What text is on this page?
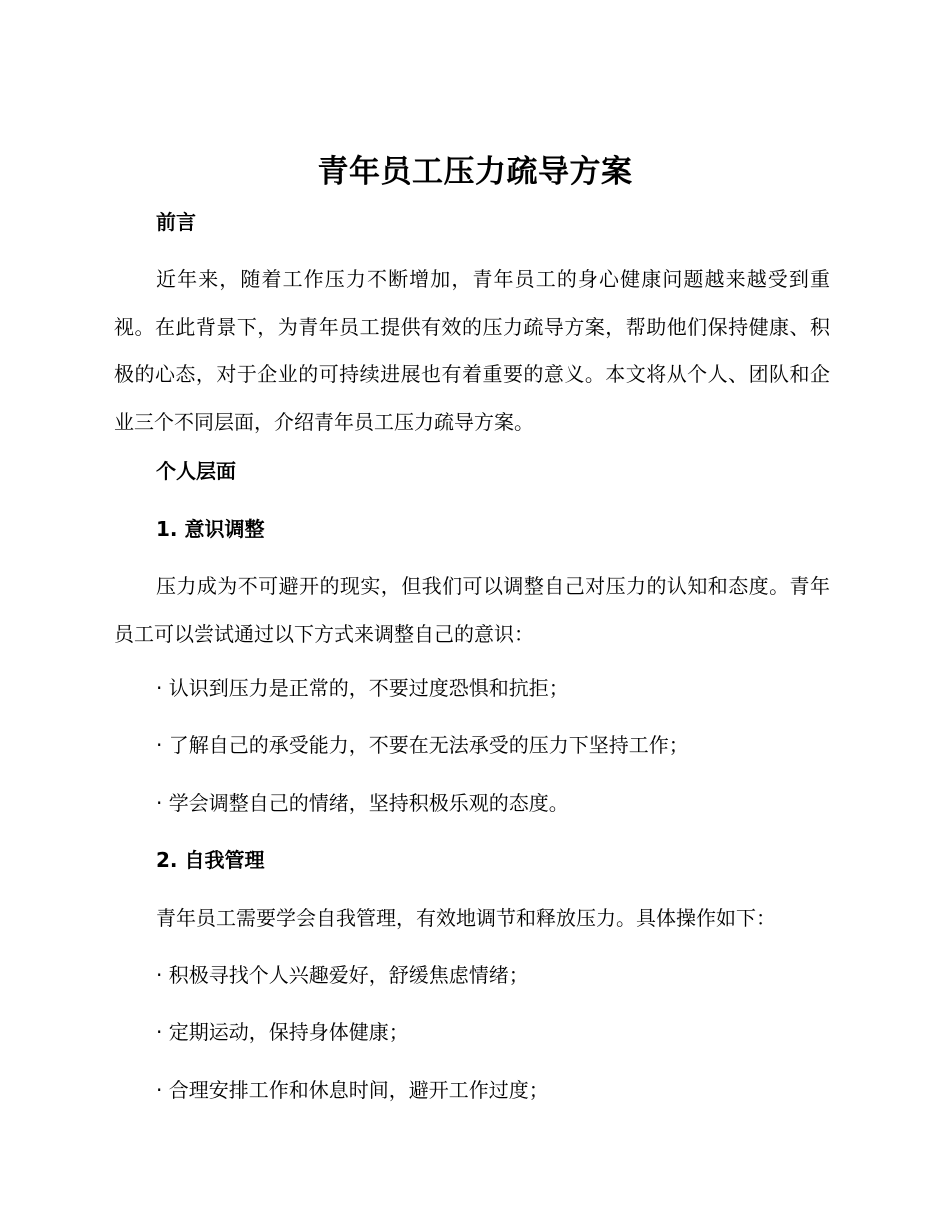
青年员工压力疏导方案
前言

近年来，随着工作压力不断增加，青年员工的身心健康问题越来越受到重视。在此背景下，为青年员工提供有效的压力疏导方案，帮助他们保持健康、积极的心态，对于企业的可持续进展也有着重要的意义。本文将从个人、团队和企业三个不同层面，介绍青年员工压力疏导方案。

个人层面
1. 意识调整

压力成为不可避开的现实，但我们可以调整自己对压力的认知和态度。青年员工可以尝试通过以下方式来调整自己的意识：

· 认识到压力是正常的，不要过度恐惧和抗拒；
· 了解自己的承受能力，不要在无法承受的压力下坚持工作；
· 学会调整自己的情绪，坚持积极乐观的态度。
2. 自我管理
青年员工需要学会自我管理，有效地调节和释放压力。具体操作如下：
· 积极寻找个人兴趣爱好，舒缓焦虑情绪；
· 定期运动，保持身体健康；
· 合理安排工作和休息时间，避开工作过度；
